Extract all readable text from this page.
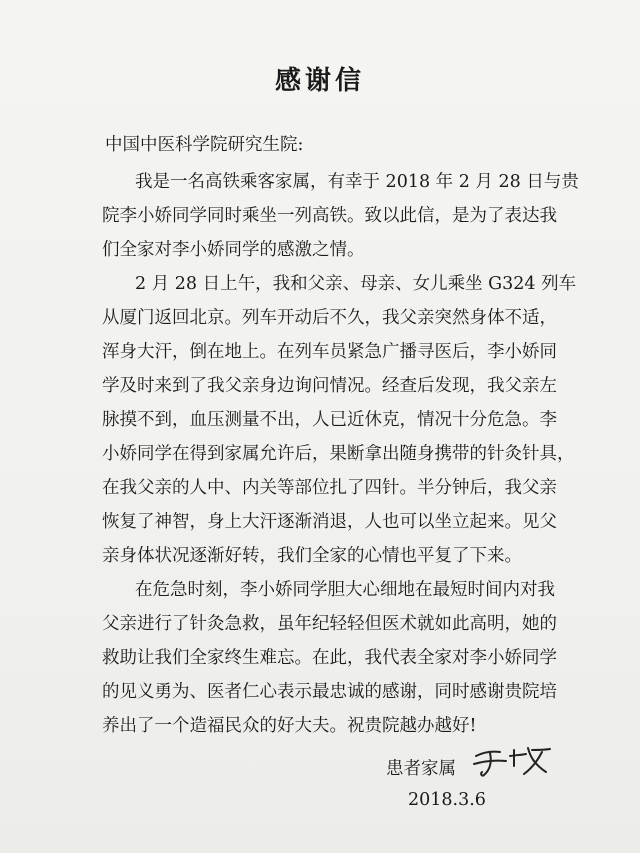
感谢信
中国中医科学院研究生院:
我是一名高铁乘客家属，有幸于 2018 年 2 月 28 日与贵
院李小娇同学同时乘坐一列高铁。致以此信，是为了表达我
们全家对李小娇同学的感激之情。
2 月 28 日上午，我和父亲、母亲、女儿乘坐 G324 列车
从厦门返回北京。列车开动后不久，我父亲突然身体不适，
浑身大汗，倒在地上。在列车员紧急广播寻医后，李小娇同
学及时来到了我父亲身边询问情况。经查后发现，我父亲左
脉摸不到，血压测量不出，人已近休克，情况十分危急。李
小娇同学在得到家属允许后，果断拿出随身携带的针灸针具，
在我父亲的人中、内关等部位扎了四针。半分钟后，我父亲
恢复了神智，身上大汗逐渐消退，人也可以坐立起来。见父
亲身体状况逐渐好转，我们全家的心情也平复了下来。
在危急时刻，李小娇同学胆大心细地在最短时间内对我
父亲进行了针灸急救，虽年纪轻轻但医术就如此高明，她的
救助让我们全家终生难忘。在此，我代表全家对李小娇同学
的见义勇为、医者仁心表示最忠诚的感谢，同时感谢贵院培
养出了一个造福民众的好大夫。祝贵院越办越好!
患者家属
2018.3.6
